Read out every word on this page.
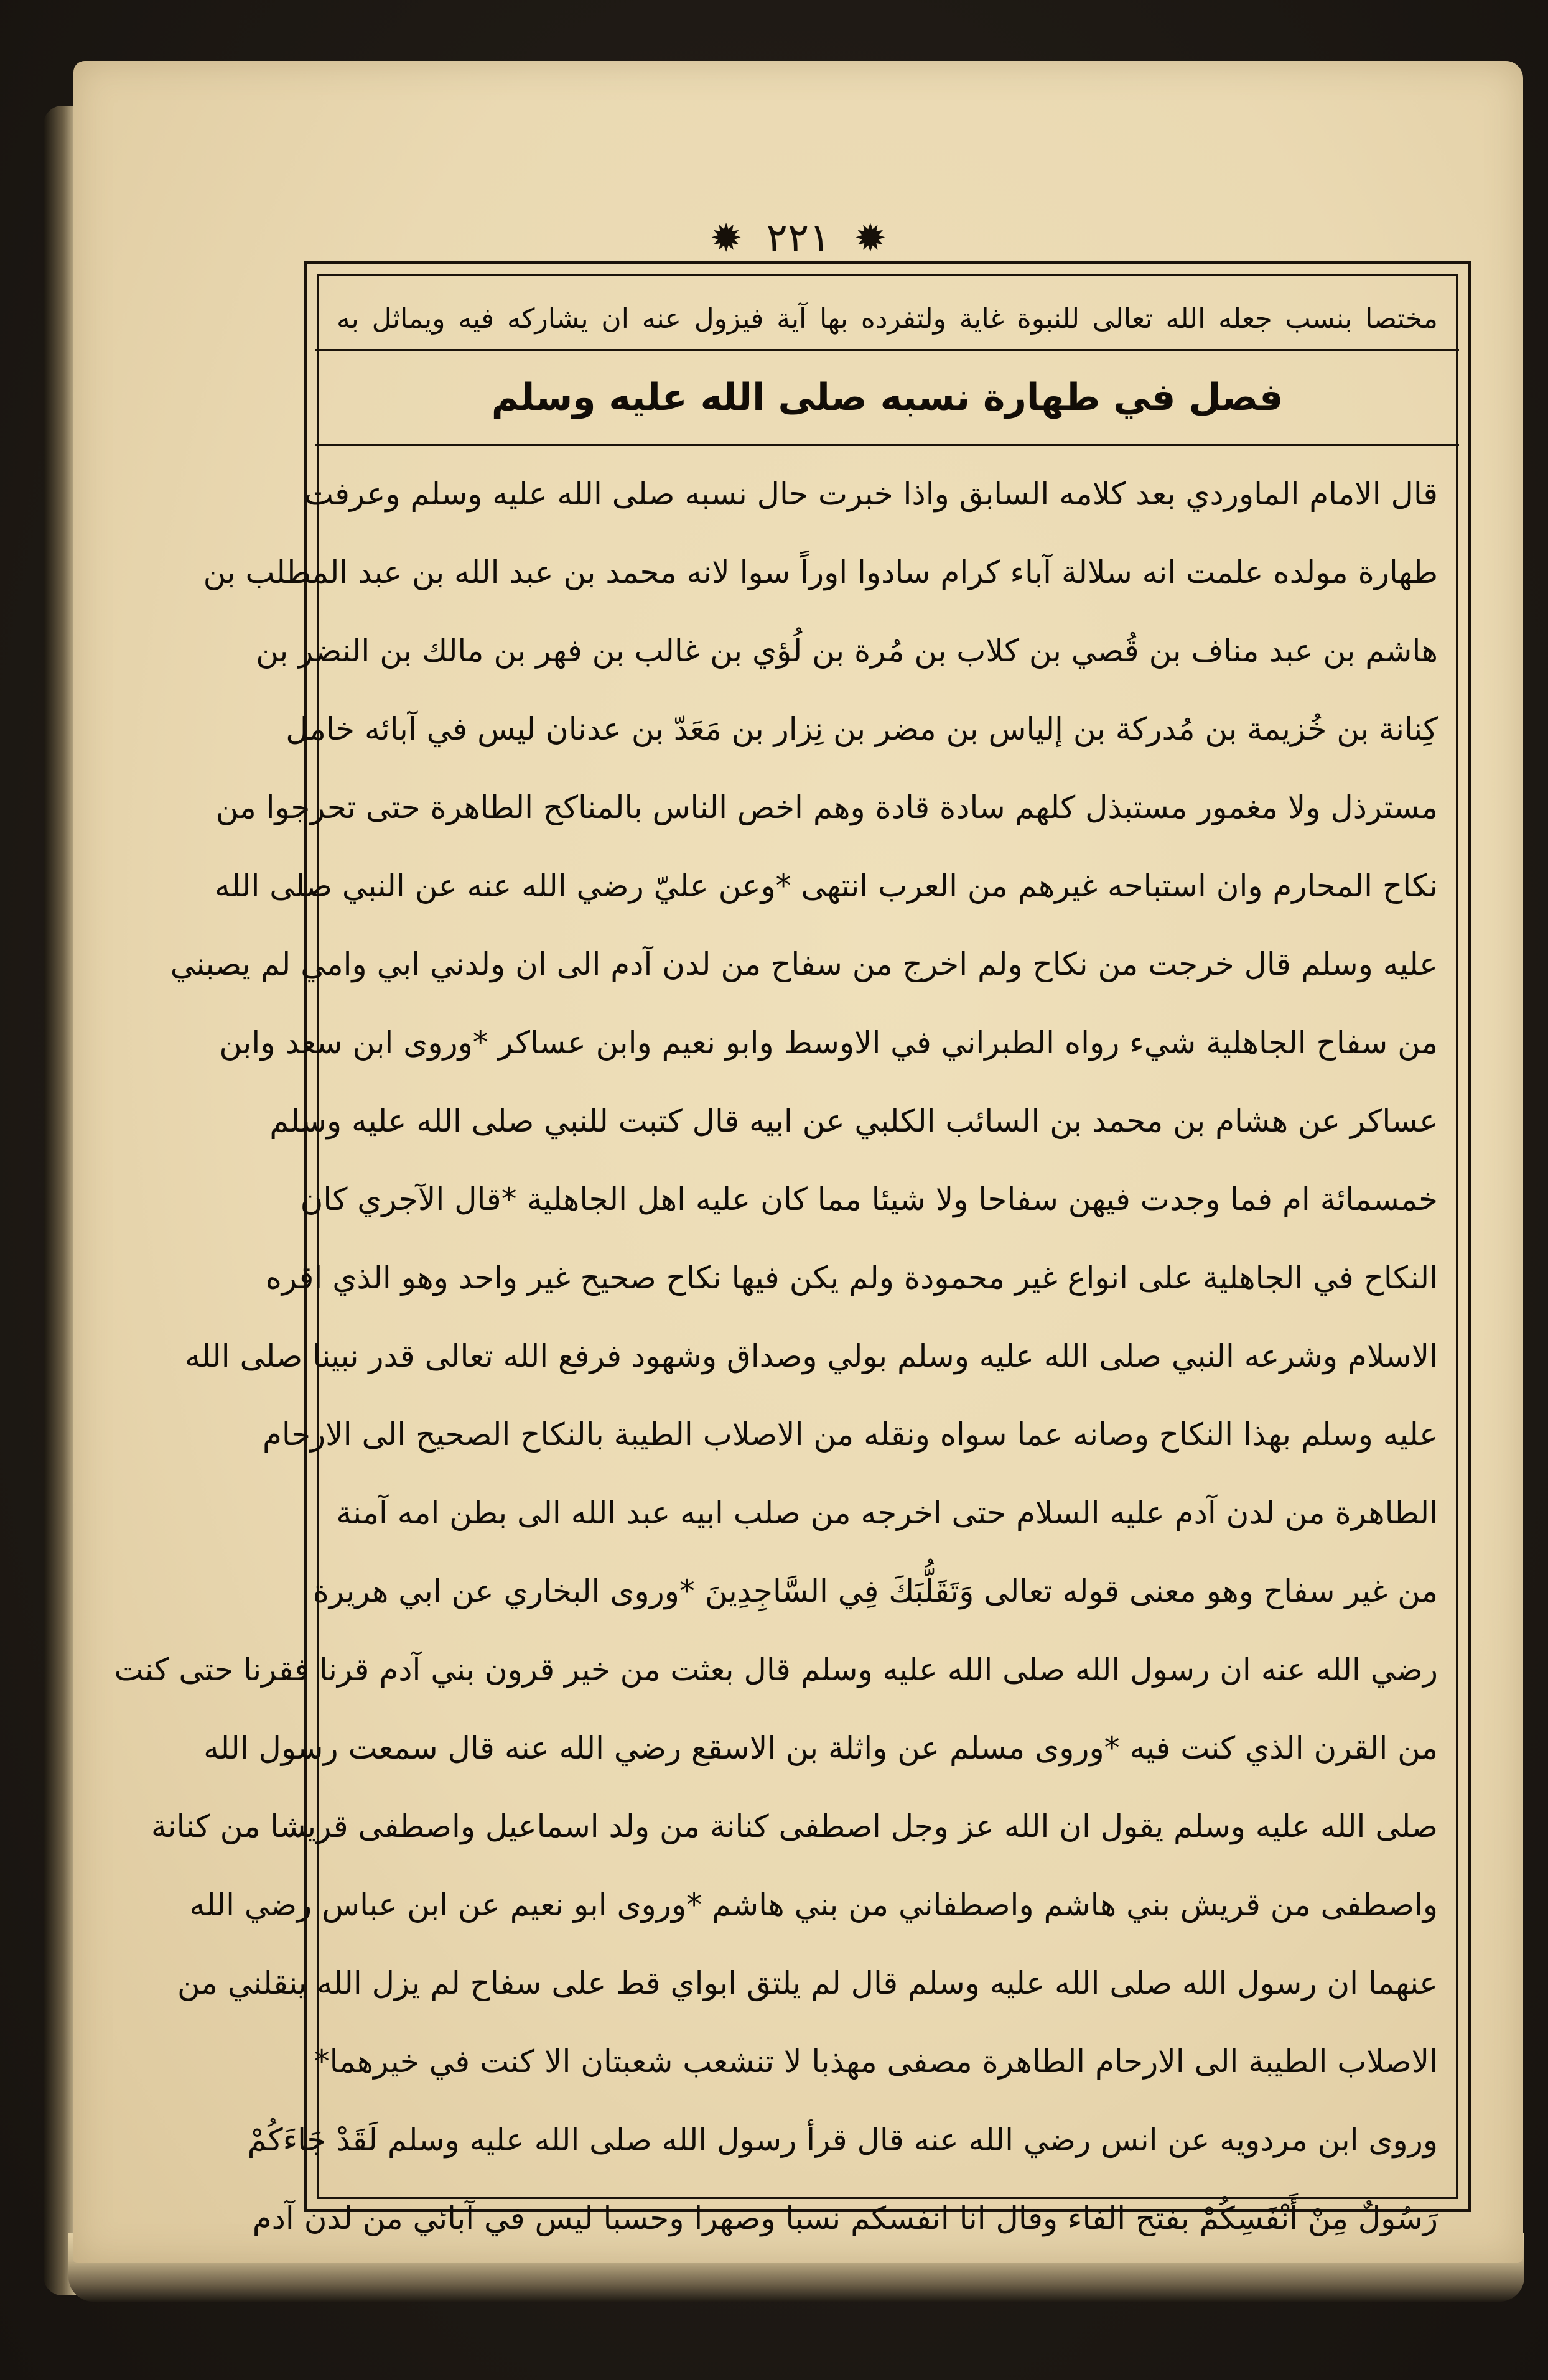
✹ ٢٢١ ✹
مختصا بنسب جعله الله تعالى للنبوة غاية ولتفرده بها آية فيزول عنه ان يشاركه فيه ويماثل به
فصل في طهارة نسبه صلى الله عليه وسلم
قال الامام الماوردي بعد كلامه السابق واذا خبرت حال نسبه صلى الله عليه وسلم وعرفت
طهارة مولده علمت انه سلالة آباء كرام سادوا اوراً سوا لانه محمد بن عبد الله بن عبد المطلب بن
هاشم بن عبد مناف بن قُصي بن كلاب بن مُرة بن لُؤي بن غالب بن فهر بن مالك بن النضر بن
كِنانة بن خُزيمة بن مُدركة بن إلياس بن مضر بن نِزار بن مَعَدّ بن عدنان ليس في آبائه خامل
مسترذل ولا مغمور مستبذل كلهم سادة قادة وهم اخص الناس بالمناكح الطاهرة حتى تحرجوا من
نكاح المحارم وان استباحه غيرهم من العرب انتهى *وعن عليّ رضي الله عنه عن النبي صلى الله
عليه وسلم قال خرجت من نكاح ولم اخرج من سفاح من لدن آدم الى ان ولدني ابي وامي لم يصبني
من سفاح الجاهلية شيء رواه الطبراني في الاوسط وابو نعيم وابن عساكر *وروى ابن سعد وابن
عساكر عن هشام بن محمد بن السائب الكلبي عن ابيه قال كتبت للنبي صلى الله عليه وسلم
خمسمائة ام فما وجدت فيهن سفاحا ولا شيئا مما كان عليه اهل الجاهلية *قال الآجري كان
النكاح في الجاهلية على انواع غير محمودة ولم يكن فيها نكاح صحيح غير واحد وهو الذي اقره
الاسلام وشرعه النبي صلى الله عليه وسلم بولي وصداق وشهود فرفع الله تعالى قدر نبينا صلى الله
عليه وسلم بهذا النكاح وصانه عما سواه ونقله من الاصلاب الطيبة بالنكاح الصحيح الى الارحام
الطاهرة من لدن آدم عليه السلام حتى اخرجه من صلب ابيه عبد الله الى بطن امه آمنة
من غير سفاح وهو معنى قوله تعالى وَتَقَلُّبَكَ فِي السَّاجِدِينَ *وروى البخاري عن ابي هريرة
رضي الله عنه ان رسول الله صلى الله عليه وسلم قال بعثت من خير قرون بني آدم قرنا فقرنا حتى كنت
من القرن الذي كنت فيه *وروى مسلم عن واثلة بن الاسقع رضي الله عنه قال سمعت رسول الله
صلى الله عليه وسلم يقول ان الله عز وجل اصطفى كنانة من ولد اسماعيل واصطفى قريشا من كنانة
واصطفى من قريش بني هاشم واصطفاني من بني هاشم *وروى ابو نعيم عن ابن عباس رضي الله
عنهما ان رسول الله صلى الله عليه وسلم قال لم يلتق ابواي قط على سفاح لم يزل الله ينقلني من
الاصلاب الطيبة الى الارحام الطاهرة مصفى مهذبا لا تنشعب شعبتان الا كنت في خيرهما*
وروى ابن مردويه عن انس رضي الله عنه قال قرأ رسول الله صلى الله عليه وسلم لَقَدْ جَاءَكُمْ
رَسُولٌ مِنْ أَنْفَسِكُمْ بفتح الفاء وقال انا انفسكم نسبا وصهرا وحسبا ليس في آبائي من لدن آدم
